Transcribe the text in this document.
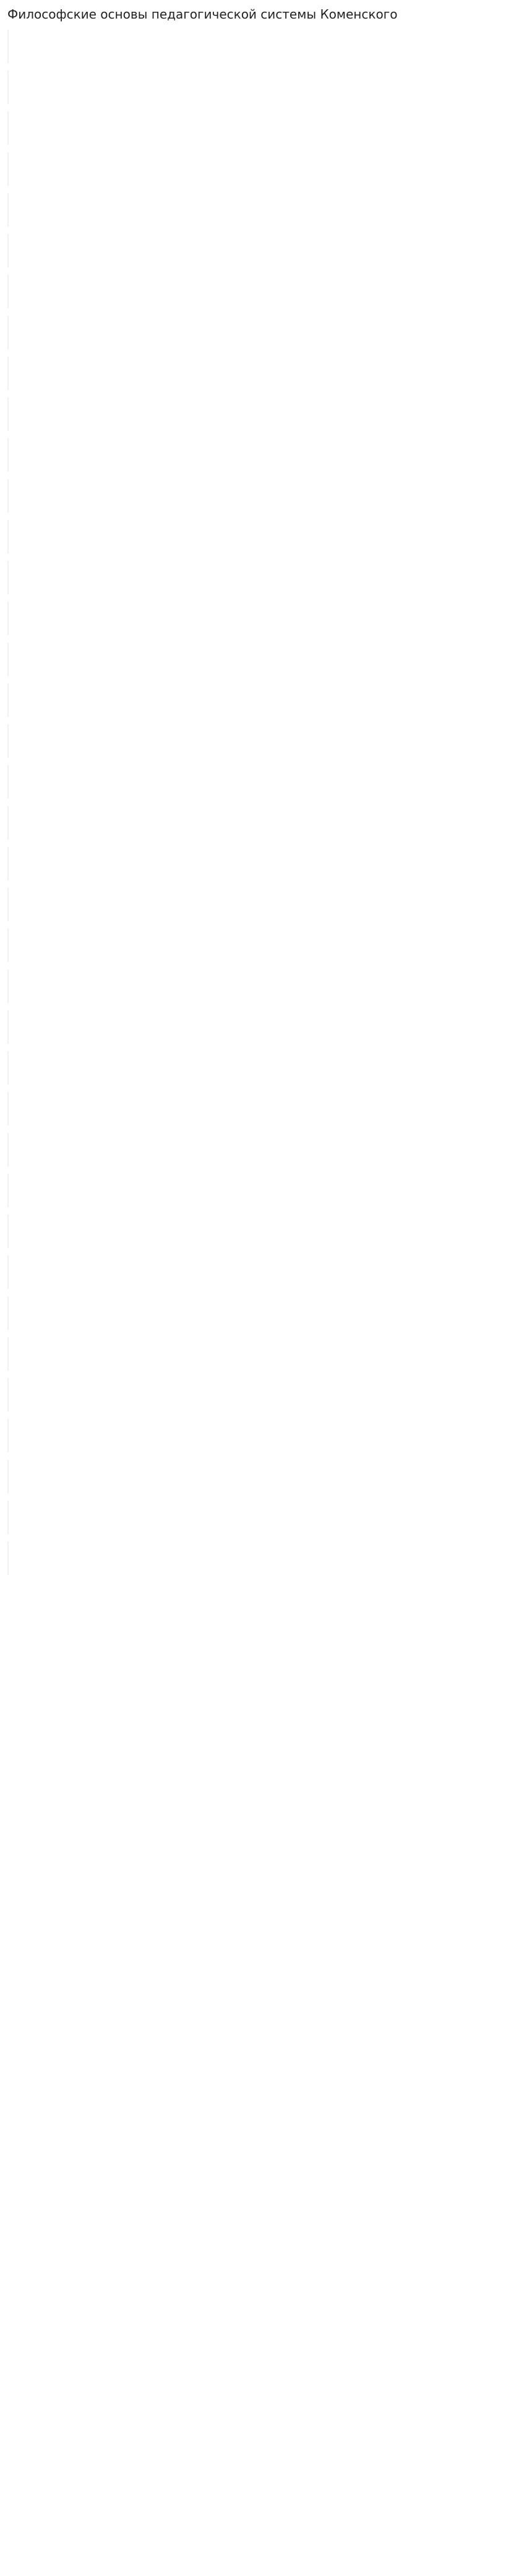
Философские основы педагогической системы Коменского
